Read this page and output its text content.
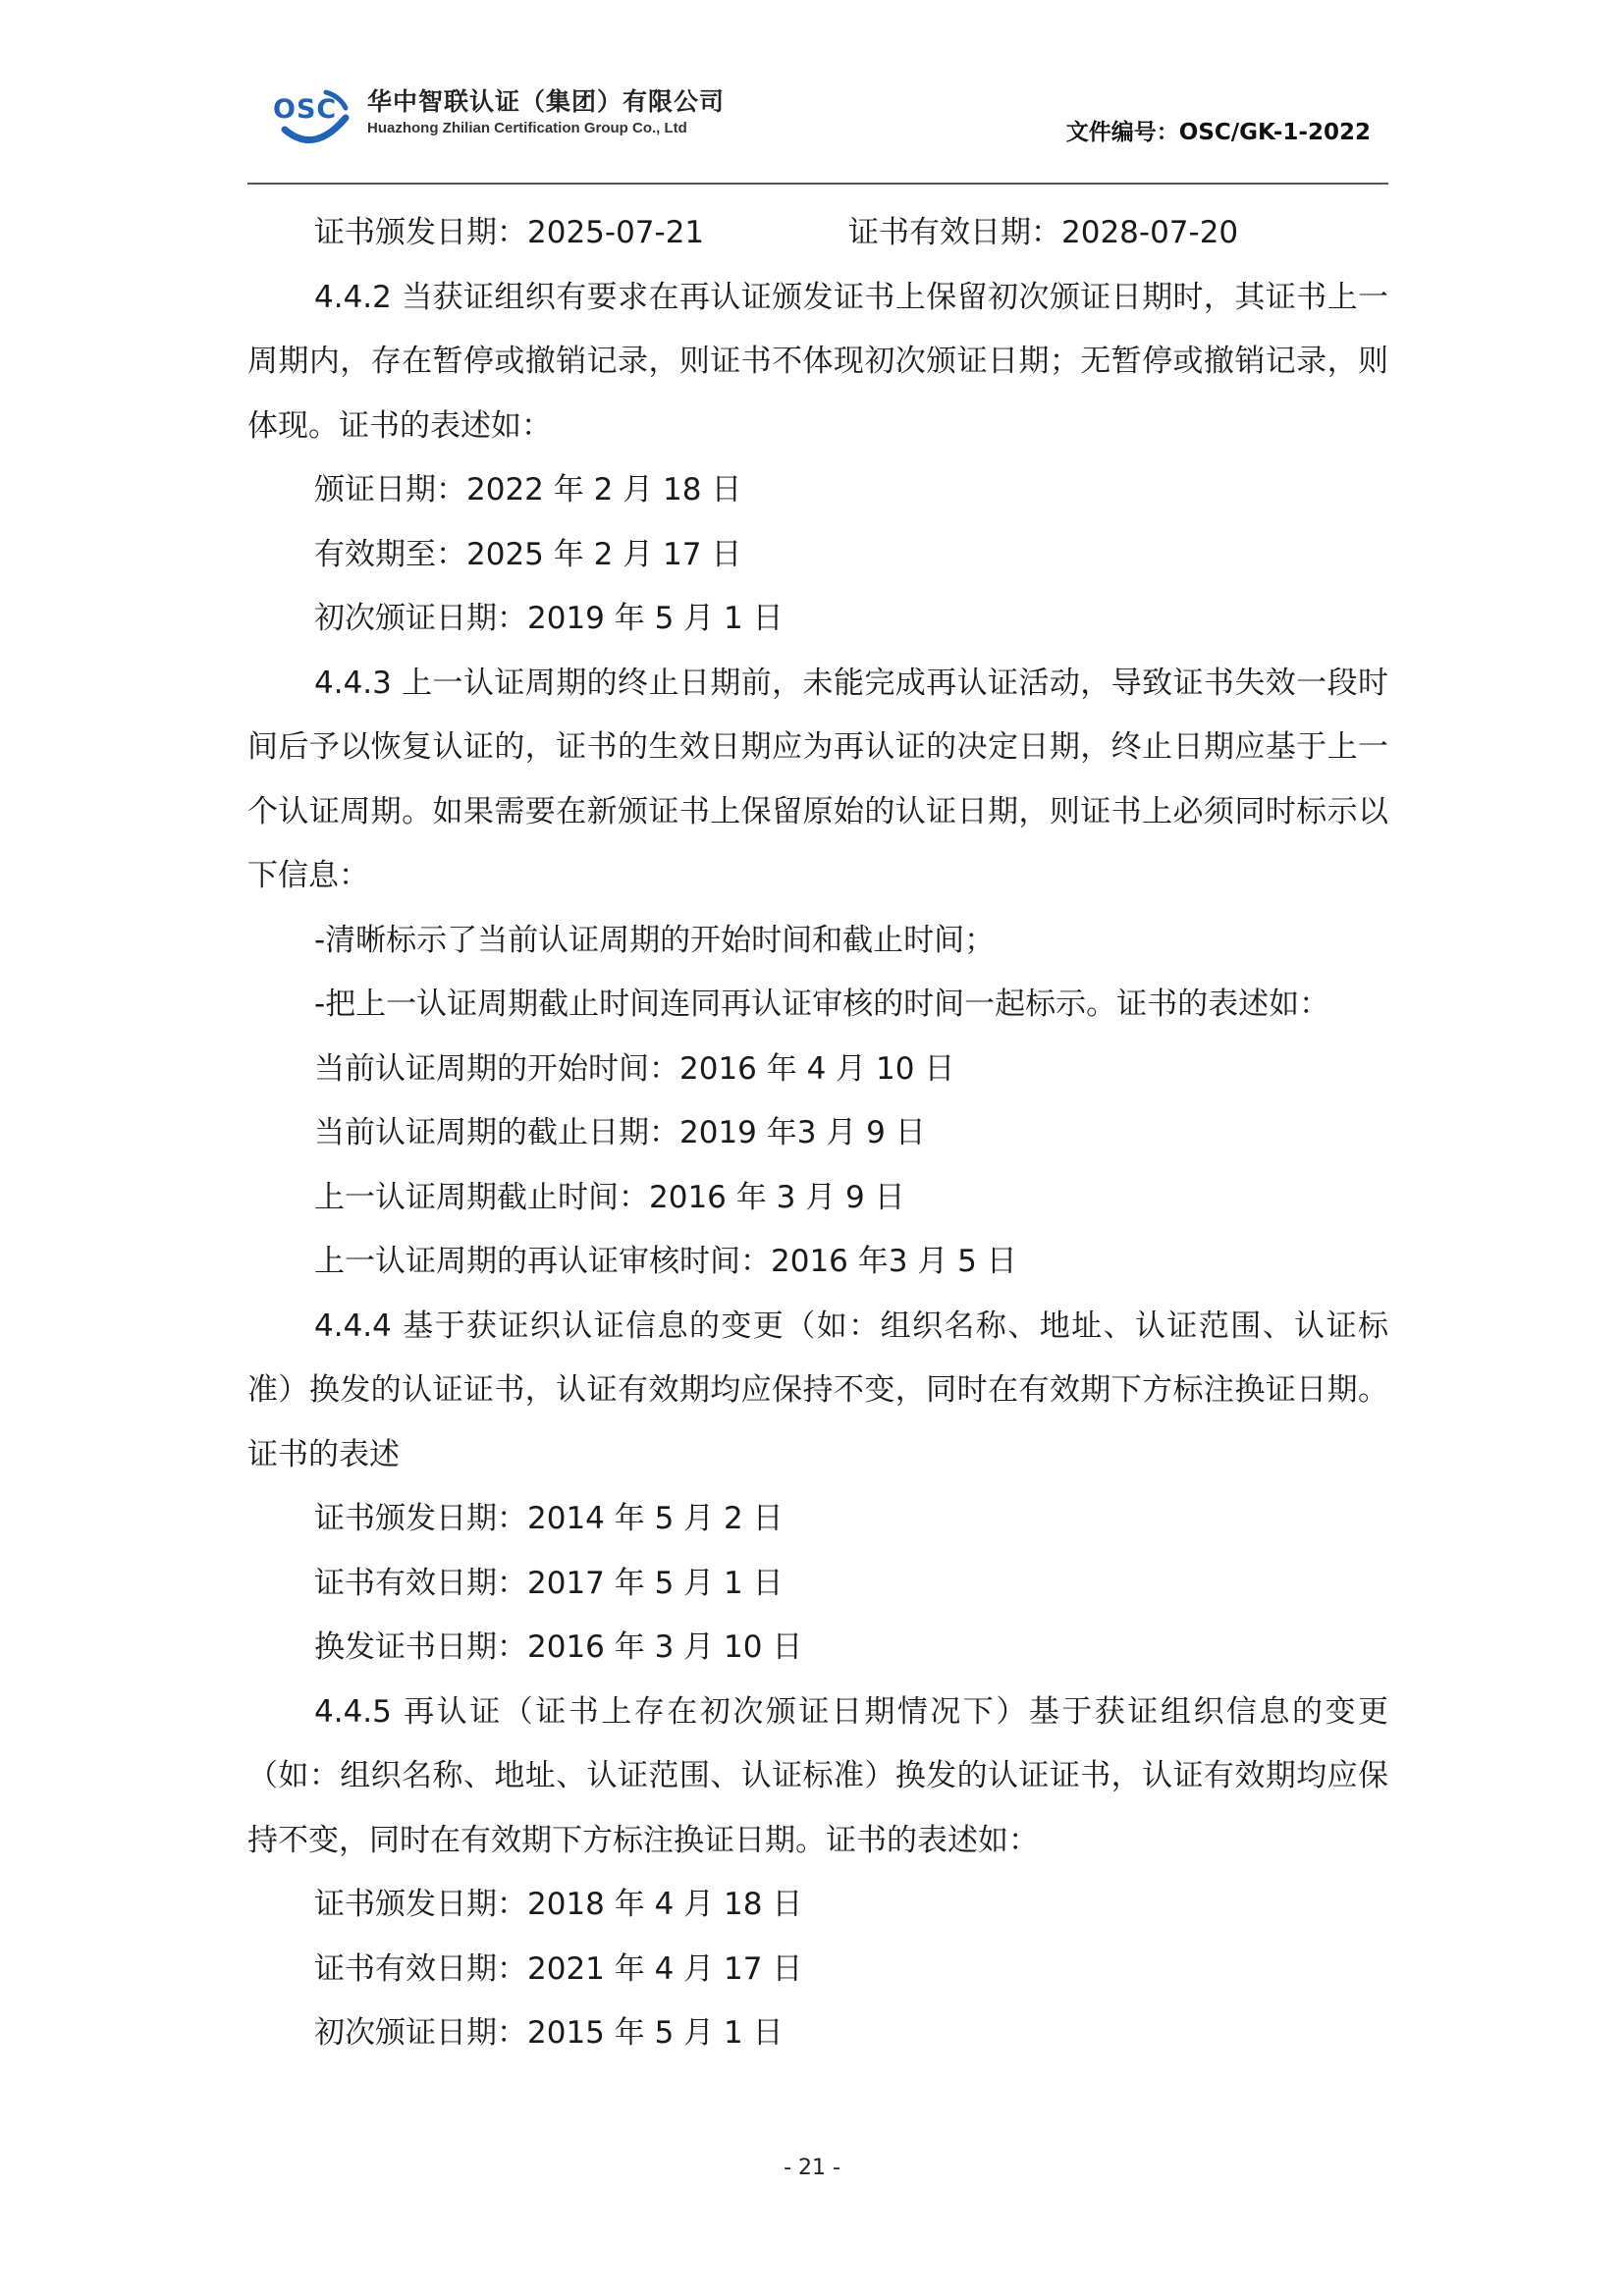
OSC 华中智联认证（集团）有限公司
Huazhong Zhilian Certification Group Co., Ltd	文件编号：OSC/GK-1-2022
证书颁发日期：2025-07-21	证书有效日期：2028-07-20
4.4.2 当获证组织有要求在再认证颁发证书上保留初次颁证日期时，其证书上一周期内，存在暂停或撤销记录，则证书不体现初次颁证日期；无暂停或撤销记录，则体现。证书的表述如：
颁证日期：2022 年 2 月 18 日
有效期至：2025 年 2 月 17 日
初次颁证日期：2019 年 5 月 1 日
4.4.3 上一认证周期的终止日期前，未能完成再认证活动，导致证书失效一段时间后予以恢复认证的，证书的生效日期应为再认证的决定日期，终止日期应基于上一个认证周期。如果需要在新颁证书上保留原始的认证日期，则证书上必须同时标示以下信息：
-清晰标示了当前认证周期的开始时间和截止时间；
-把上一认证周期截止时间连同再认证审核的时间一起标示。证书的表述如：
当前认证周期的开始时间：2016 年 4 月 10 日
当前认证周期的截止日期：2019 年3 月 9 日
上一认证周期截止时间：2016 年 3 月 9 日
上一认证周期的再认证审核时间：2016 年3 月 5 日
4.4.4 基于获证织认证信息的变更（如：组织名称、地址、认证范围、认证标准）换发的认证证书，认证有效期均应保持不变，同时在有效期下方标注换证日期。证书的表述
证书颁发日期：2014 年 5 月 2 日
证书有效日期：2017 年 5 月 1 日
换发证书日期：2016 年 3 月 10 日
4.4.5 再认证（证书上存在初次颁证日期情况下）基于获证组织信息的变更（如：组织名称、地址、认证范围、认证标准）换发的认证证书，认证有效期均应保持不变，同时在有效期下方标注换证日期。证书的表述如：
证书颁发日期：2018 年 4 月 18 日
证书有效日期：2021 年 4 月 17 日
初次颁证日期：2015 年 5 月 1 日
- 21 -
